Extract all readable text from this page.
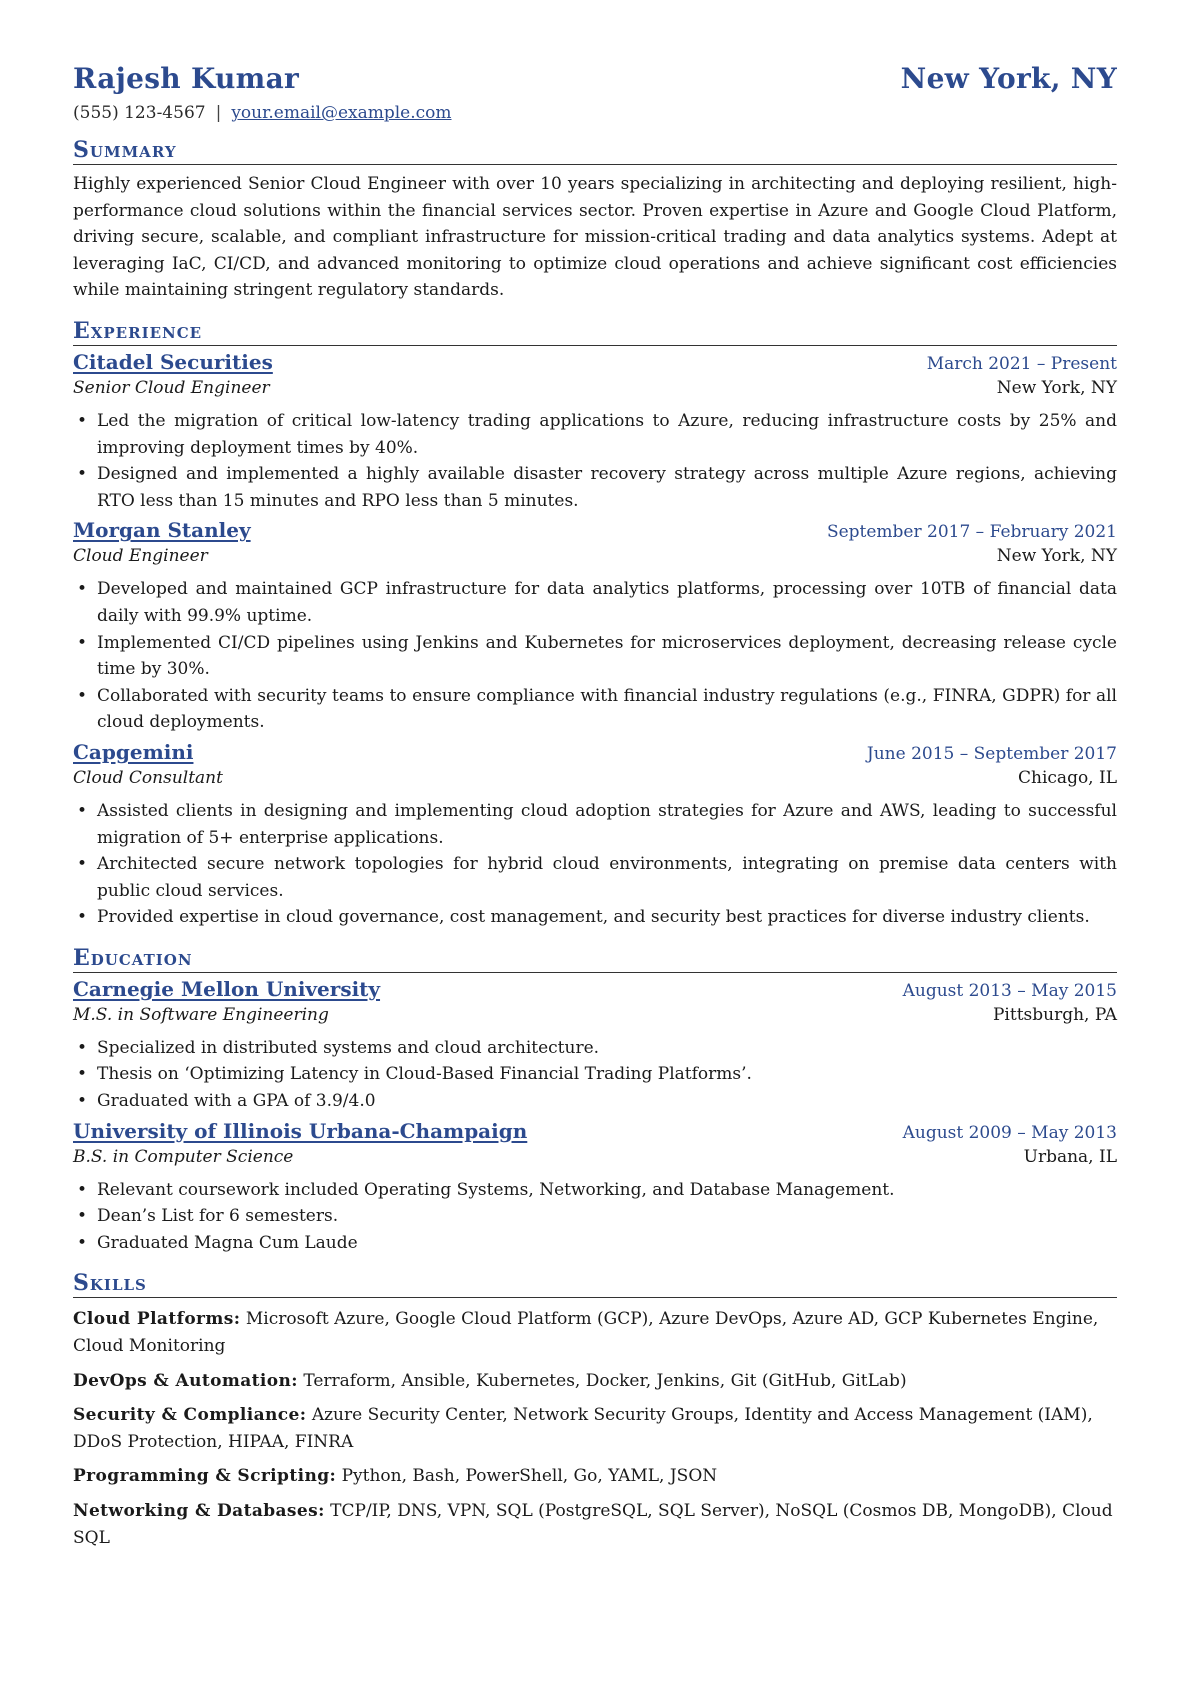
Rajesh Kumar	New York, NY
(555) 123-4567 | your.email@example.com
Summary
Highly experienced Senior Cloud Engineer with over 10 years specializing in architecting and deploying resilient, high-performance cloud solutions within the financial services sector. Proven expertise in Azure and Google Cloud Platform, driving secure, scalable, and compliant infrastructure for mission-critical trading and data analytics systems. Adept at leveraging IaC, CI/CD, and advanced monitoring to optimize cloud operations and achieve significant cost efficiencies while maintaining stringent regulatory standards.
Experience
Citadel Securities	March 2021 – Present
Senior Cloud Engineer	New York, NY
• Led the migration of critical low-latency trading applications to Azure, reducing infrastructure costs by 25% and improving deployment times by 40%.
• Designed and implemented a highly available disaster recovery strategy across multiple Azure regions, achieving RTO less than 15 minutes and RPO less than 5 minutes.
Morgan Stanley	September 2017 – February 2021
Cloud Engineer	New York, NY
• Developed and maintained GCP infrastructure for data analytics platforms, processing over 10TB of financial data daily with 99.9% uptime.
• Implemented CI/CD pipelines using Jenkins and Kubernetes for microservices deployment, decreasing release cycle time by 30%.
• Collaborated with security teams to ensure compliance with financial industry regulations (e.g., FINRA, GDPR) for all cloud deployments.
Capgemini	June 2015 – September 2017
Cloud Consultant	Chicago, IL
• Assisted clients in designing and implementing cloud adoption strategies for Azure and AWS, leading to successful migration of 5+ enterprise applications.
• Architected secure network topologies for hybrid cloud environments, integrating on premise data centers with public cloud services.
• Provided expertise in cloud governance, cost management, and security best practices for diverse industry clients.
Education
Carnegie Mellon University	August 2013 – May 2015
M.S. in Software Engineering	Pittsburgh, PA
• Specialized in distributed systems and cloud architecture.
• Thesis on ‘Optimizing Latency in Cloud-Based Financial Trading Platforms’.
• Graduated with a GPA of 3.9/4.0
University of Illinois Urbana-Champaign	August 2009 – May 2013
B.S. in Computer Science	Urbana, IL
• Relevant coursework included Operating Systems, Networking, and Database Management.
• Dean’s List for 6 semesters.
• Graduated Magna Cum Laude
Skills
Cloud Platforms: Microsoft Azure, Google Cloud Platform (GCP), Azure DevOps, Azure AD, GCP Kubernetes Engine, Cloud Monitoring
DevOps & Automation: Terraform, Ansible, Kubernetes, Docker, Jenkins, Git (GitHub, GitLab)
Security & Compliance: Azure Security Center, Network Security Groups, Identity and Access Management (IAM), DDoS Protection, HIPAA, FINRA
Programming & Scripting: Python, Bash, PowerShell, Go, YAML, JSON
Networking & Databases: TCP/IP, DNS, VPN, SQL (PostgreSQL, SQL Server), NoSQL (Cosmos DB, MongoDB), Cloud SQL
